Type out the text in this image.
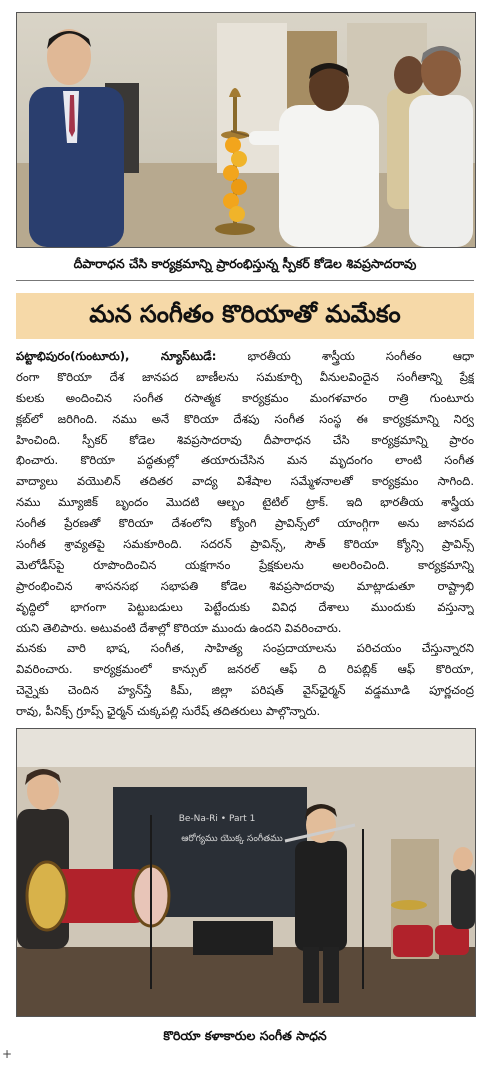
దీపారాధన చేసి కార్యక్రమాన్ని ప్రారంభిస్తున్న స్పీకర్ కోడెల శివప్రసాదరావు
మన సంగీతం కొరియాతో మమేకం
పట్టాభిపురం(గుంటూరు), న్యూస్‌టుడే: భారతీయ శాస్త్రీయ సంగీతం ఆధా
రంగా కొరియా దేశ జానపద బాణీలను సమకూర్చి వీనులవిందైన సంగీతాన్ని ప్రేక్ష
కులకు అందించిన సంగీత రసాత్మక కార్యక్రమం మంగళవారం రాత్రి గుంటూరు
క్లబ్‌లో జరిగింది. నము అనే కొరియా దేశపు సంగీత సంస్థ ఈ కార్యక్రమాన్ని నిర్వ
హించింది. స్పీకర్ కోడెల శివప్రసాదరావు దీపారాధన చేసి కార్యక్రమాన్ని ప్రారం
భించారు. కొరియా పద్ధతుల్లో తయారుచేసిన మన మృదంగం లాంటి సంగీత
వాద్యాలు వయొలిన్ తదితర వాద్య విశేషాల సమ్మేళనాలతో కార్యక్రమం సాగింది.
నము మ్యూజిక్ బృందం మొదటి ఆల్బం టైటిల్ ట్రాక్. ఇది భారతీయ శాస్త్రీయ
సంగీత ప్రేరణతో కొరియా దేశంలోని క్యోంగి ప్రావిన్స్‌లో యాంగ్గిగా అను జానపద
సంగీత శ్రావ్యతపై సమకూరింది. సదరన్ ప్రావిన్స్, సౌత్ కొరియా క్యోన్సి ప్రావిన్స్
మెలోడీస్‌పై రూపొందించిన యక్షగానం ప్రేక్షకులను అలరించింది. కార్యక్రమాన్ని
ప్రారంభించిన శాసనసభ సభాపతి కోడెల శివప్రసాదరావు మాట్లాడుతూ రాష్ట్రాభి
వృద్ధిలో భాగంగా పెట్టుబడులు పెట్టేందుకు వివిధ దేశాలు ముందుకు వస్తున్నా
యని తెలిపారు. అటువంటి దేశాల్లో కొరియా ముందు ఉందని వివరించారు.
మనకు వారి భాష, సంగీత, సాహిత్య సంప్రదాయాలను పరిచయం చేస్తున్నారని
వివరించారు. కార్యక్రమంలో కాన్సుల్ జనరల్ ఆఫ్ ది రిపబ్లిక్ ఆఫ్ కొరియా,
చెన్నైకు చెందిన హ్యన్‌స్తే కిమ్, జిల్లా పరిషత్ వైస్‌ఛైర్మన్ వడ్డమూడి పూర్ణచంద్ర
రావు, పీనిక్స్ గ్రూప్స్ ఛైర్మన్ చుక్కపల్లి సురేష్ తదితరులు పాల్గొన్నారు.
Be-Na-Ri • Part 1
ఆరోగ్యము యొక్క సంగీతము
కొరియా కళాకారుల సంగీత సాధన
+
